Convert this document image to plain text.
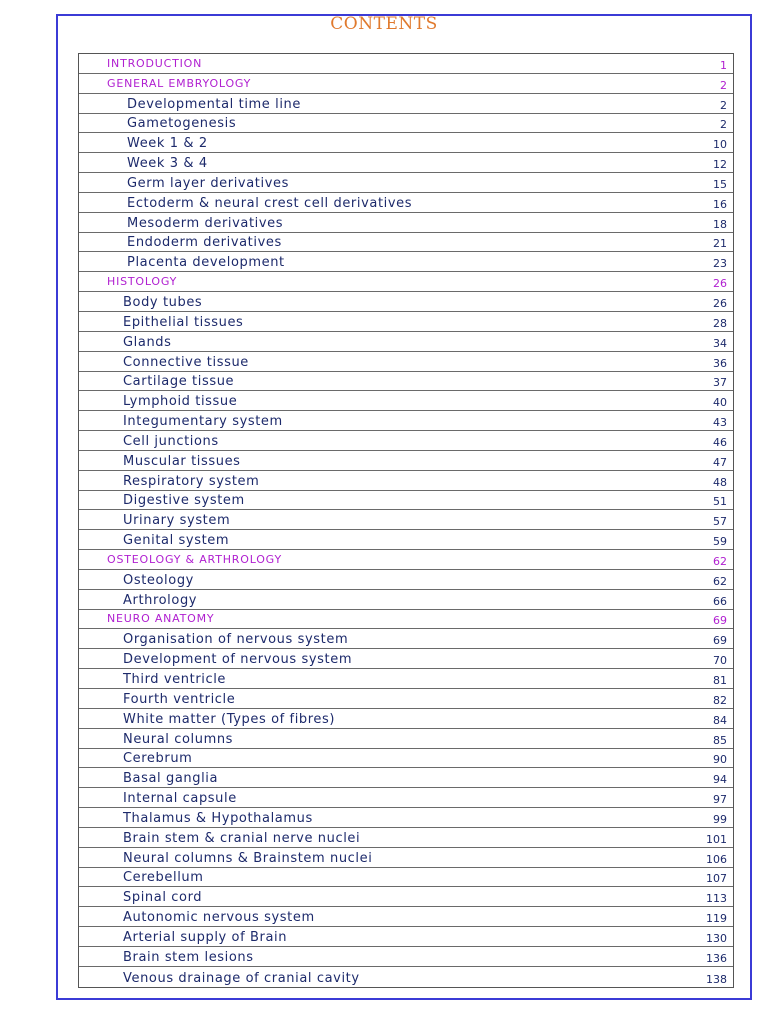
CONTENTS
INTRODUCTION	1
GENERAL EMBRYOLOGY	2
Developmental time line	2
Gametogenesis	2
Week 1 & 2	10
Week 3 & 4	12
Germ layer derivatives	15
Ectoderm & neural crest cell derivatives	16
Mesoderm derivatives	18
Endoderm derivatives	21
Placenta development	23
HISTOLOGY	26
Body tubes	26
Epithelial tissues	28
Glands	34
Connective tissue	36
Cartilage tissue	37
Lymphoid tissue	40
Integumentary system	43
Cell junctions	46
Muscular tissues	47
Respiratory system	48
Digestive system	51
Urinary system	57
Genital system	59
OSTEOLOGY & ARTHROLOGY	62
Osteology	62
Arthrology	66
NEURO ANATOMY	69
Organisation of nervous system	69
Development of nervous system	70
Third ventricle	81
Fourth ventricle	82
White matter (Types of fibres)	84
Neural columns	85
Cerebrum	90
Basal ganglia	94
Internal capsule	97
Thalamus & Hypothalamus	99
Brain stem & cranial nerve nuclei	101
Neural columns & Brainstem nuclei	106
Cerebellum	107
Spinal cord	113
Autonomic nervous system	119
Arterial supply of Brain	130
Brain stem lesions	136
Venous drainage of cranial cavity	138
